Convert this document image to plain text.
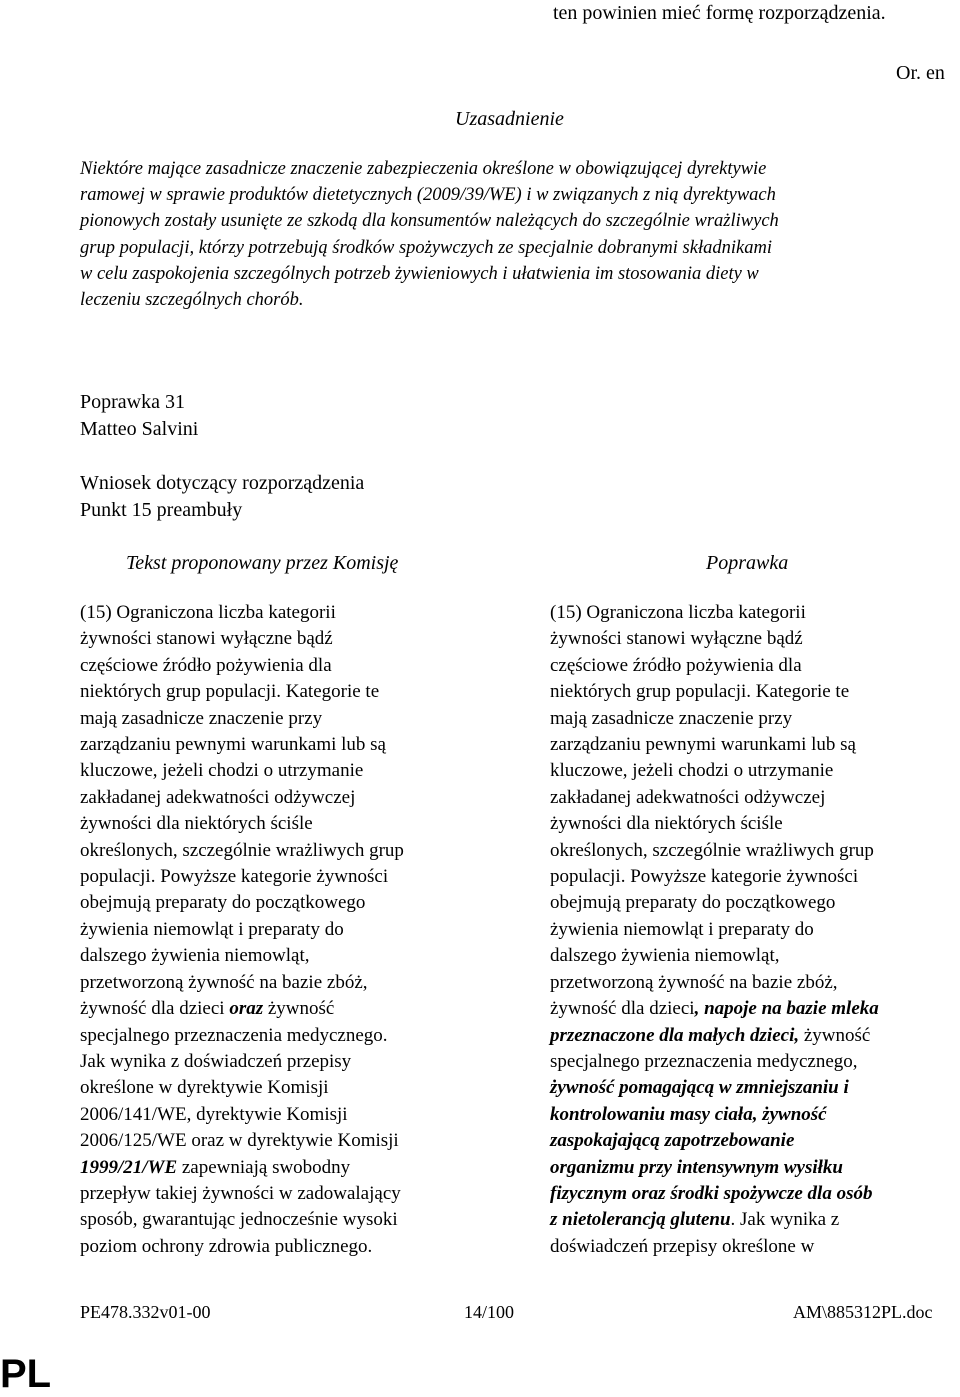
ten powinien mieć formę rozporządzenia.
Or. en
Uzasadnienie
Niektóre mające zasadnicze znaczenie zabezpieczenia określone w obowiązującej dyrektywie
ramowej w sprawie produktów dietetycznych (2009/39/WE) i w związanych z nią dyrektywach
pionowych zostały usunięte ze szkodą dla konsumentów należących do szczególnie wrażliwych
grup populacji, którzy potrzebują środków spożywczych ze specjalnie dobranymi składnikami
w celu zaspokojenia szczególnych potrzeb żywieniowych i ułatwienia im stosowania diety w
leczeniu szczególnych chorób.
Poprawka 31
Matteo Salvini
Wniosek dotyczący rozporządzenia
Punkt 15 preambuły
Tekst proponowany przez Komisję	Poprawka
(15) Ograniczona liczba kategorii
żywności stanowi wyłączne bądź
częściowe źródło pożywienia dla
niektórych grup populacji. Kategorie te
mają zasadnicze znaczenie przy
zarządzaniu pewnymi warunkami lub są
kluczowe, jeżeli chodzi o utrzymanie
zakładanej adekwatności odżywczej
żywności dla niektórych ściśle
określonych, szczególnie wrażliwych grup
populacji. Powyższe kategorie żywności
obejmują preparaty do początkowego
żywienia niemowląt i preparaty do
dalszego żywienia niemowląt,
przetworzoną żywność na bazie zbóż,
żywność dla dzieci oraz żywność
specjalnego przeznaczenia medycznego.
Jak wynika z doświadczeń przepisy
określone w dyrektywie Komisji
2006/141/WE, dyrektywie Komisji
2006/125/WE oraz w dyrektywie Komisji
1999/21/WE zapewniają swobodny
przepływ takiej żywności w zadowalający
sposób, gwarantując jednocześnie wysoki
poziom ochrony zdrowia publicznego.
(15) Ograniczona liczba kategorii
żywności stanowi wyłączne bądź
częściowe źródło pożywienia dla
niektórych grup populacji. Kategorie te
mają zasadnicze znaczenie przy
zarządzaniu pewnymi warunkami lub są
kluczowe, jeżeli chodzi o utrzymanie
zakładanej adekwatności odżywczej
żywności dla niektórych ściśle
określonych, szczególnie wrażliwych grup
populacji. Powyższe kategorie żywności
obejmują preparaty do początkowego
żywienia niemowląt i preparaty do
dalszego żywienia niemowląt,
przetworzoną żywność na bazie zbóż,
żywność dla dzieci, napoje na bazie mleka
przeznaczone dla małych dzieci, żywność
specjalnego przeznaczenia medycznego,
żywność pomagającą w zmniejszaniu i
kontrolowaniu masy ciała, żywność
zaspokajającą zapotrzebowanie
organizmu przy intensywnym wysiłku
fizycznym oraz środki spożywcze dla osób
z nietolerancją glutenu. Jak wynika z
doświadczeń przepisy określone w
PE478.332v01-00	14/100	AM\885312PL.doc
PL
